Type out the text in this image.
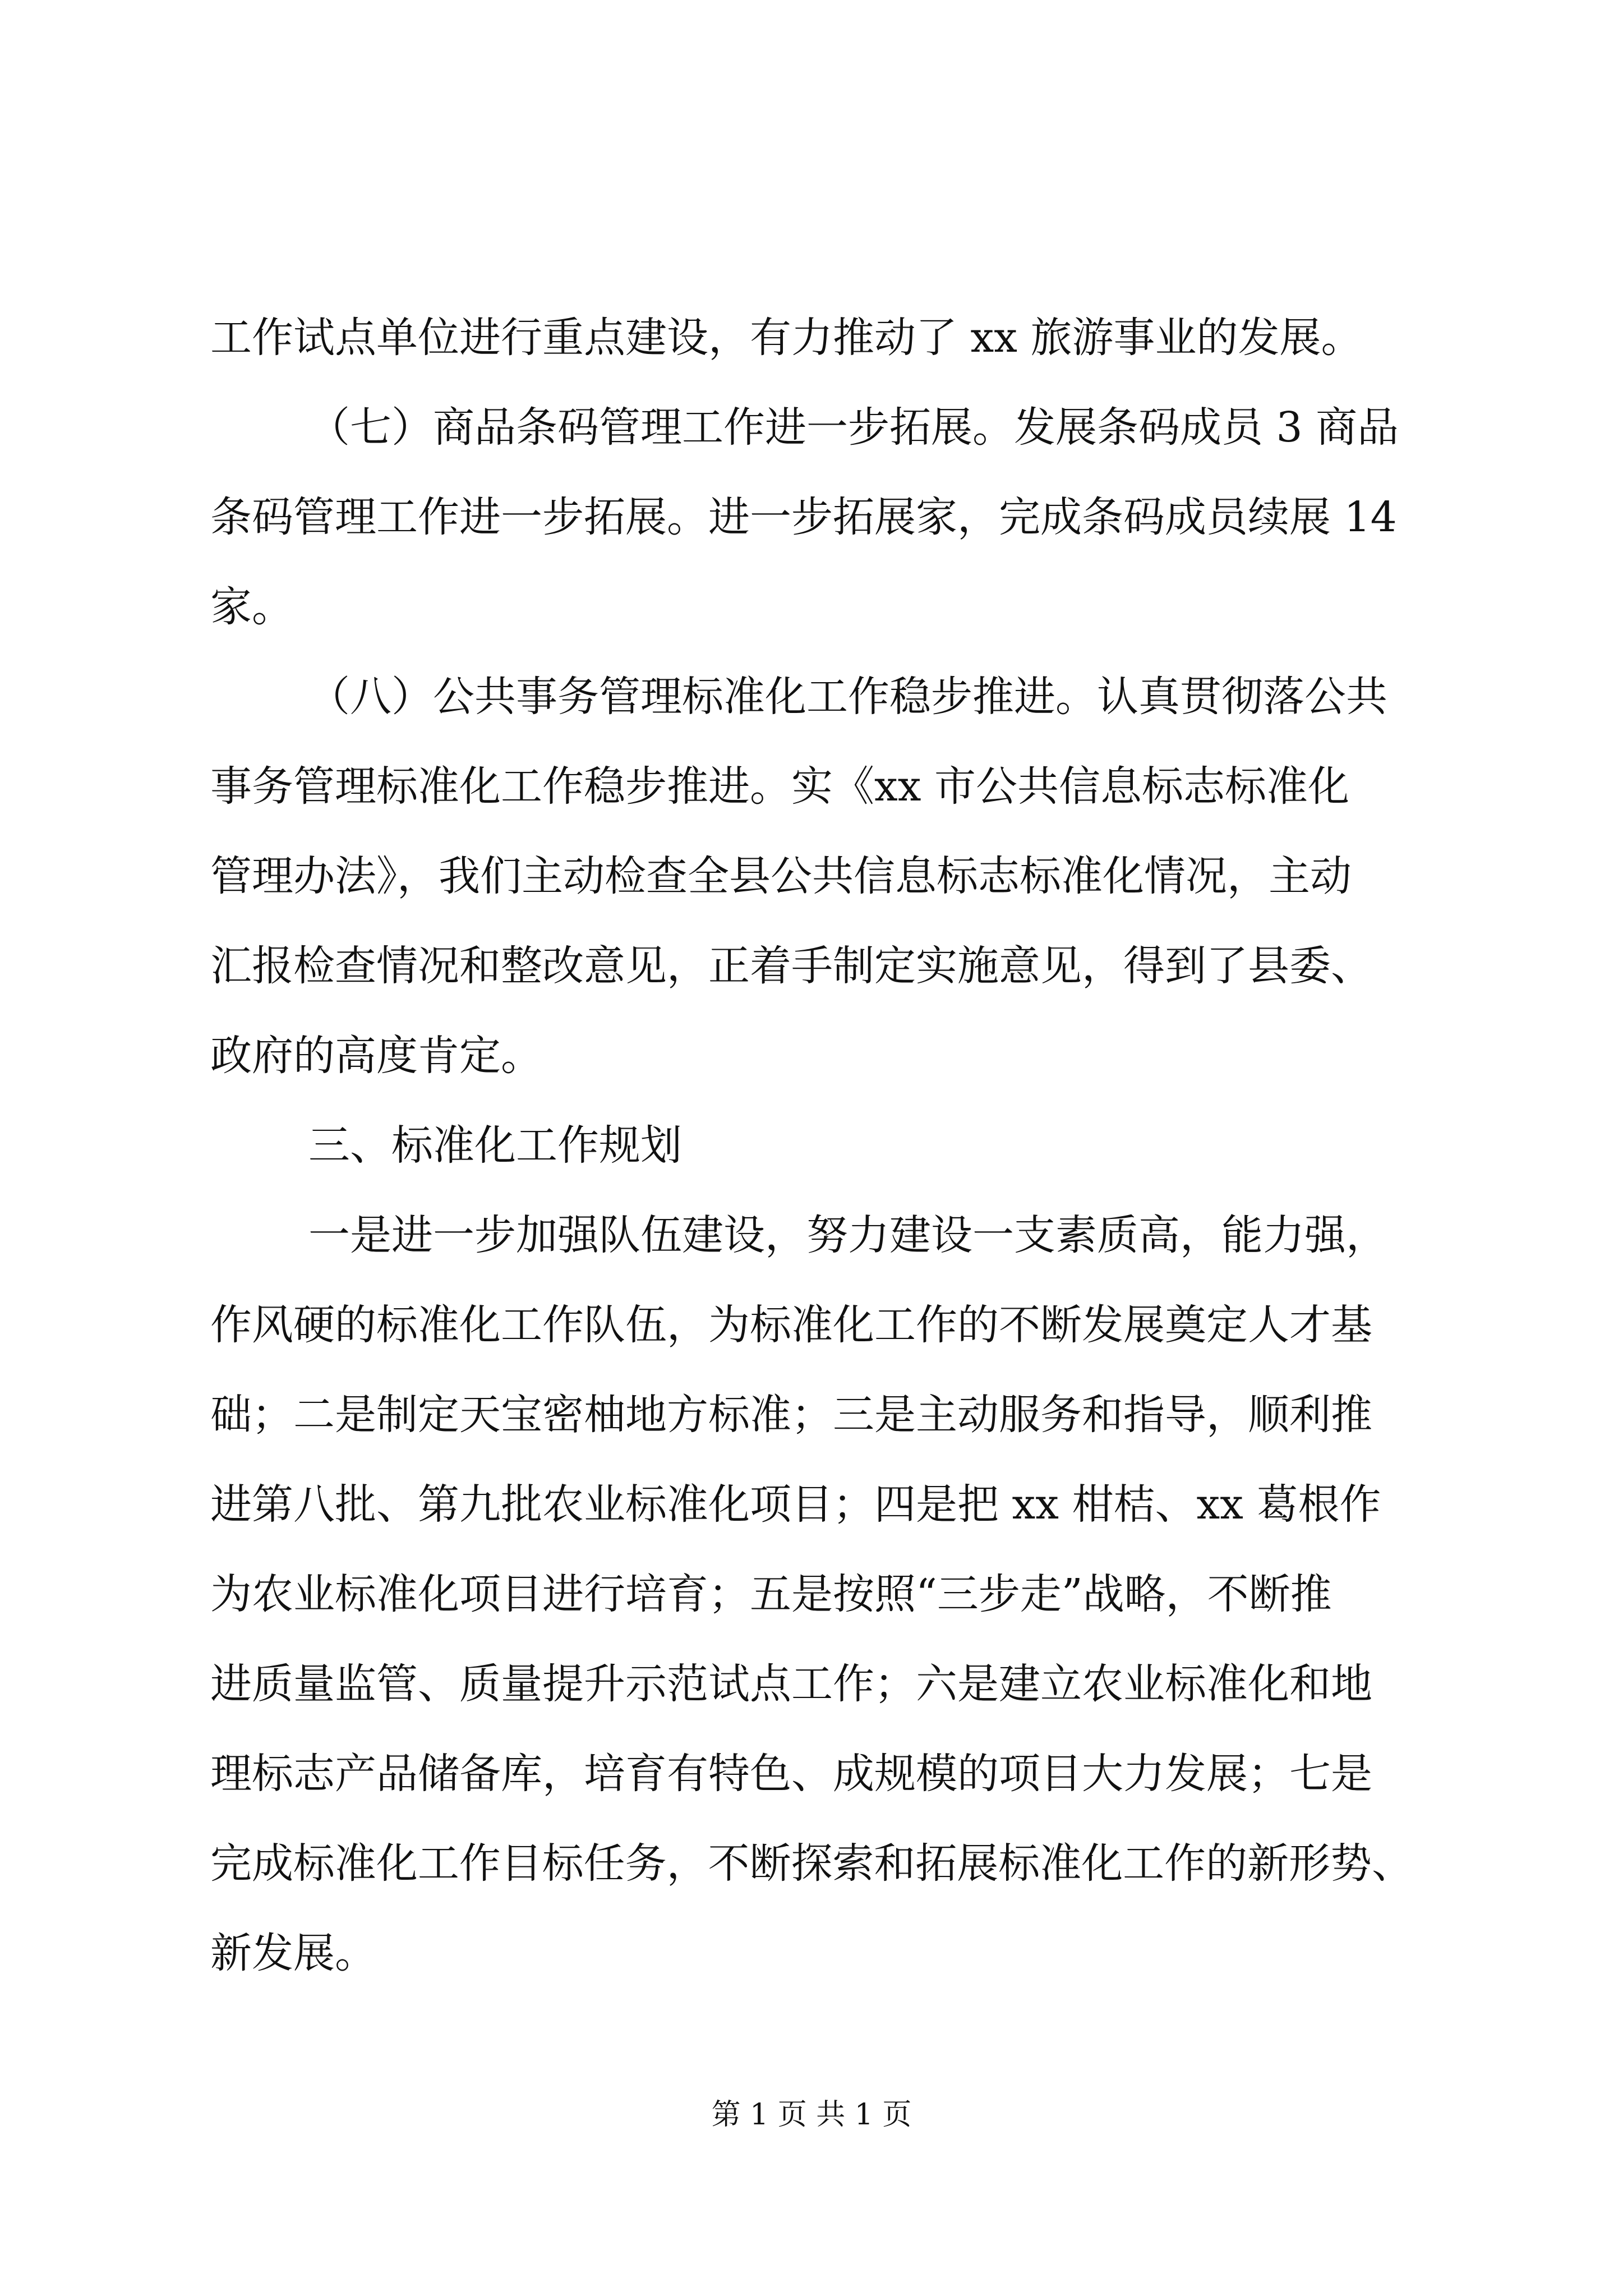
工作试点单位进行重点建设，有力推动了 xx 旅游事业的发展。
（七）商品条码管理工作进一步拓展。发展条码成员 3 商品
条码管理工作进一步拓展。进一步拓展家，完成条码成员续展 14
家。
（八）公共事务管理标准化工作稳步推进。认真贯彻落公共
事务管理标准化工作稳步推进。实《xx 市公共信息标志标准化
管理办法》，我们主动检查全县公共信息标志标准化情况，主动
汇报检查情况和整改意见，正着手制定实施意见，得到了县委、
政府的高度肯定。
三、标准化工作规划
一是进一步加强队伍建设，努力建设一支素质高，能力强，
作风硬的标准化工作队伍，为标准化工作的不断发展奠定人才基
础；二是制定天宝密柚地方标准；三是主动服务和指导，顺利推
进第八批、第九批农业标准化项目；四是把 xx 柑桔、xx 葛根作
为农业标准化项目进行培育；五是按照“三步走”战略，不断推
进质量监管、质量提升示范试点工作；六是建立农业标准化和地
理标志产品储备库，培育有特色、成规模的项目大力发展；七是
完成标准化工作目标任务，不断探索和拓展标准化工作的新形势、
新发展。
第 1 页 共 1 页
